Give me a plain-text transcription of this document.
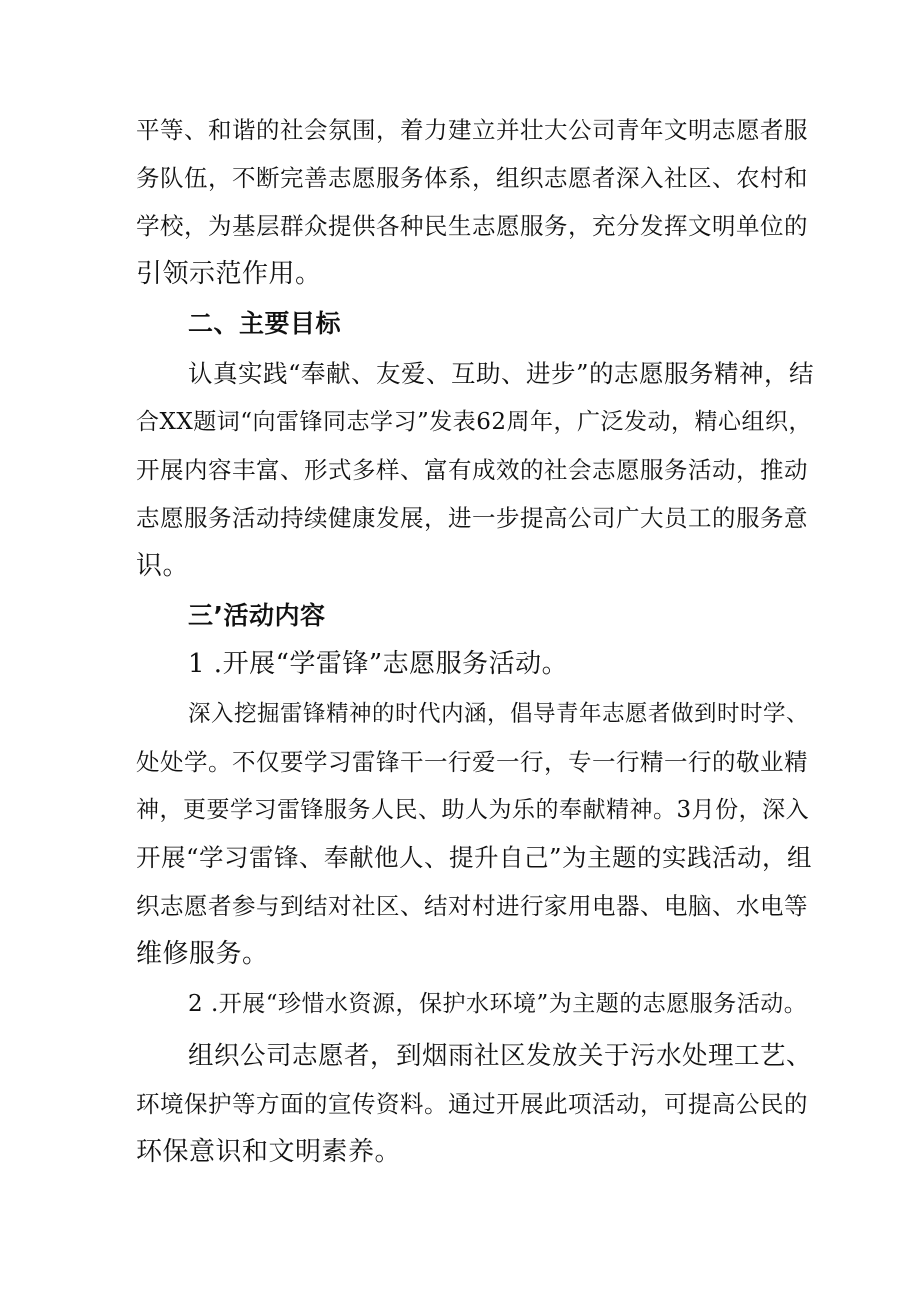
平等、和谐的社会氛围，着力建立并壮大公司青年文明志愿者服
务队伍，不断完善志愿服务体系，组织志愿者深入社区、农村和
学校，为基层群众提供各种民生志愿服务，充分发挥文明单位的
引领示范作用。
二、主要目标
认真实践“奉献、友爱、互助、进步”的志愿服务精神，结
合XX题词“向雷锋同志学习”发表62周年，广泛发动，精心组织，
开展内容丰富、形式多样、富有成效的社会志愿服务活动，推动
志愿服务活动持续健康发展，进一步提高公司广大员工的服务意
识。
三’活动内容
1 .开展“学雷锋”志愿服务活动。
深入挖掘雷锋精神的时代内涵，倡导青年志愿者做到时时学、
处处学。不仅要学习雷锋干一行爱一行，专一行精一行的敬业精
神，更要学习雷锋服务人民、助人为乐的奉献精神。3月份，深入
开展“学习雷锋、奉献他人、提升自己”为主题的实践活动，组
织志愿者参与到结对社区、结对村进行家用电器、电脑、水电等
维修服务。
2 .开展“珍惜水资源，保护水环境”为主题的志愿服务活动。
组织公司志愿者，到烟雨社区发放关于污水处理工艺、
环境保护等方面的宣传资料。通过开展此项活动，可提高公民的
环保意识和文明素养。
